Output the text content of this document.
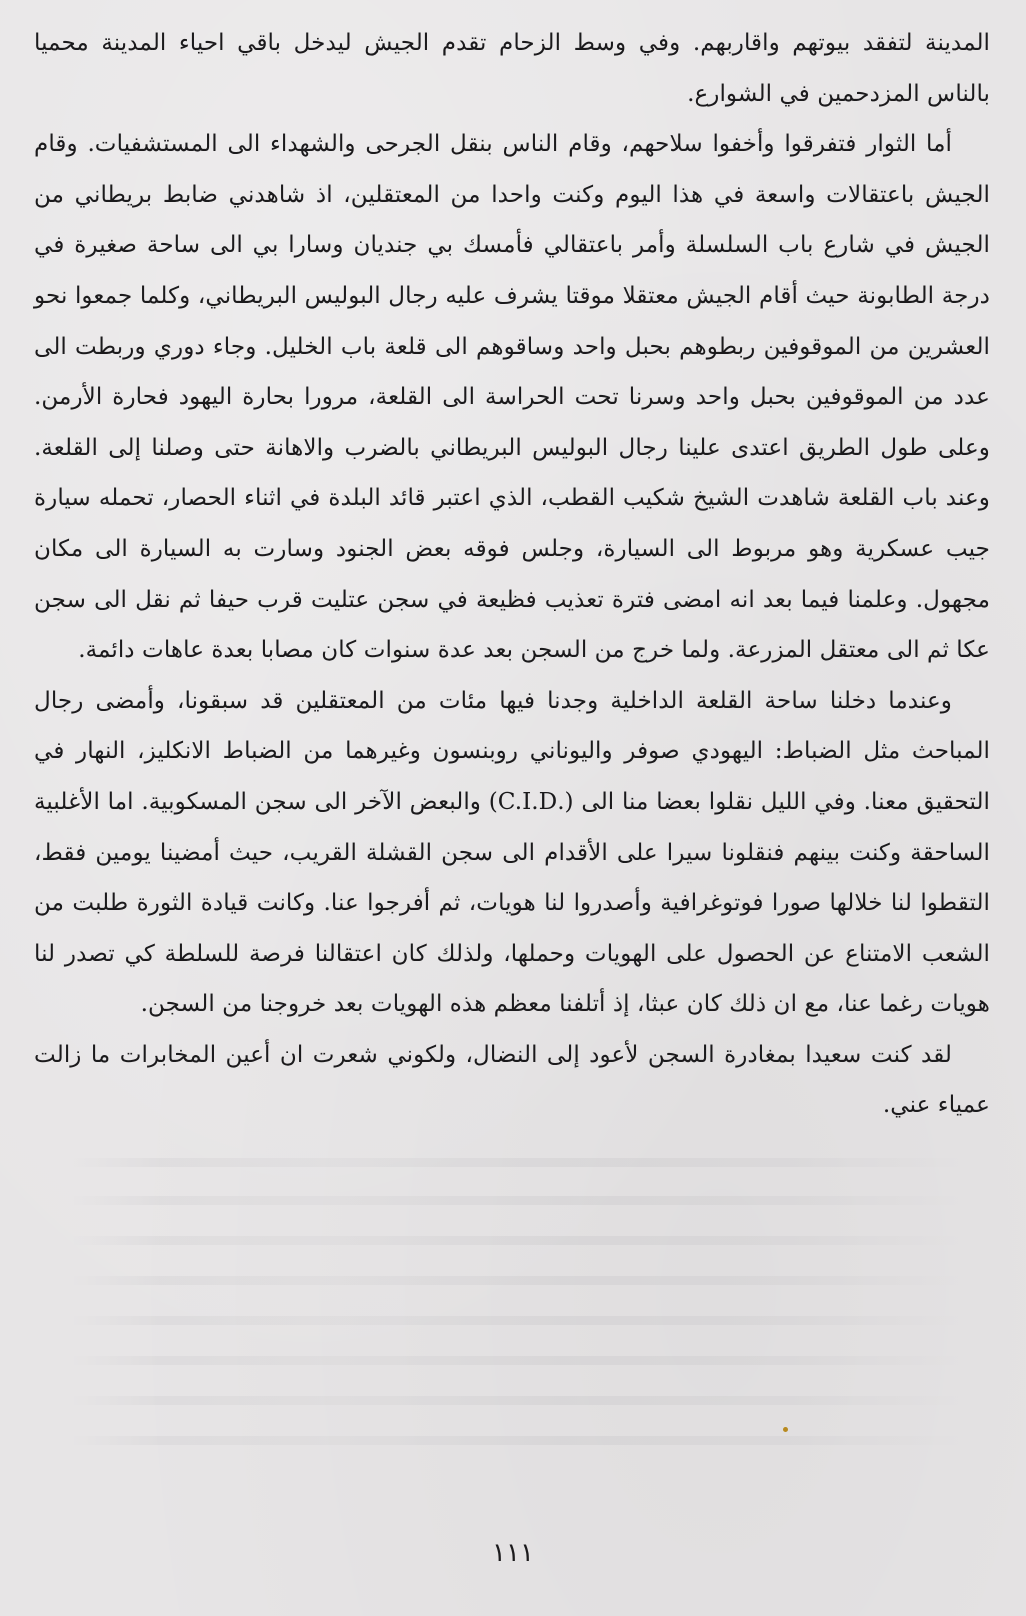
المدينة لتفقد بيوتهم واقاربهم. وفي وسط الزحام تقدم الجيش ليدخل باقي احياء المدينة محميا بالناس المزدحمين في الشوارع.

أما الثوار فتفرقوا وأخفوا سلاحهم، وقام الناس بنقل الجرحى والشهداء الى المستشفيات. وقام الجيش باعتقالات واسعة في هذا اليوم وكنت واحدا من المعتقلين، اذ شاهدني ضابط بريطاني من الجيش في شارع باب السلسلة وأمر باعتقالي فأمسك بي جنديان وسارا بي الى ساحة صغيرة في درجة الطابونة حيث أقام الجيش معتقلا موقتا يشرف عليه رجال البوليس البريطاني، وكلما جمعوا نحو العشرين من الموقوفين ربطوهم بحبل واحد وساقوهم الى قلعة باب الخليل. وجاء دوري وربطت الى عدد من الموقوفين بحبل واحد وسرنا تحت الحراسة الى القلعة، مرورا بحارة اليهود فحارة الأرمن. وعلى طول الطريق اعتدى علينا رجال البوليس البريطاني بالضرب والاهانة حتى وصلنا إلى القلعة. وعند باب القلعة شاهدت الشيخ شكيب القطب، الذي اعتبر قائد البلدة في اثناء الحصار، تحمله سيارة جيب عسكرية وهو مربوط الى السيارة، وجلس فوقه بعض الجنود وسارت به السيارة الى مكان مجهول. وعلمنا فيما بعد انه امضى فترة تعذيب فظيعة في سجن عتليت قرب حيفا ثم نقل الى سجن عكا ثم الى معتقل المزرعة. ولما خرج من السجن بعد عدة سنوات كان مصابا بعدة عاهات دائمة.

وعندما دخلنا ساحة القلعة الداخلية وجدنا فيها مئات من المعتقلين قد سبقونا، وأمضى رجال المباحث مثل الضباط: اليهودي صوفر واليوناني روبنسون وغيرهما من الضباط الانكليز، النهار في التحقيق معنا. وفي الليل نقلوا بعضا منا الى (.C.I.D) والبعض الآخر الى سجن المسكوبية. اما الأغلبية الساحقة وكنت بينهم فنقلونا سيرا على الأقدام الى سجن القشلة القريب، حيث أمضينا يومين فقط، التقطوا لنا خلالها صورا فوتوغرافية وأصدروا لنا هويات، ثم أفرجوا عنا. وكانت قيادة الثورة طلبت من الشعب الامتناع عن الحصول على الهويات وحملها، ولذلك كان اعتقالنا فرصة للسلطة كي تصدر لنا هويات رغما عنا، مع ان ذلك كان عبثا، إذ أتلفنا معظم هذه الهويات بعد خروجنا من السجن.

لقد كنت سعيدا بمغادرة السجن لأعود إلى النضال، ولكوني شعرت ان أعين المخابرات ما زالت عمياء عني.

١١١
